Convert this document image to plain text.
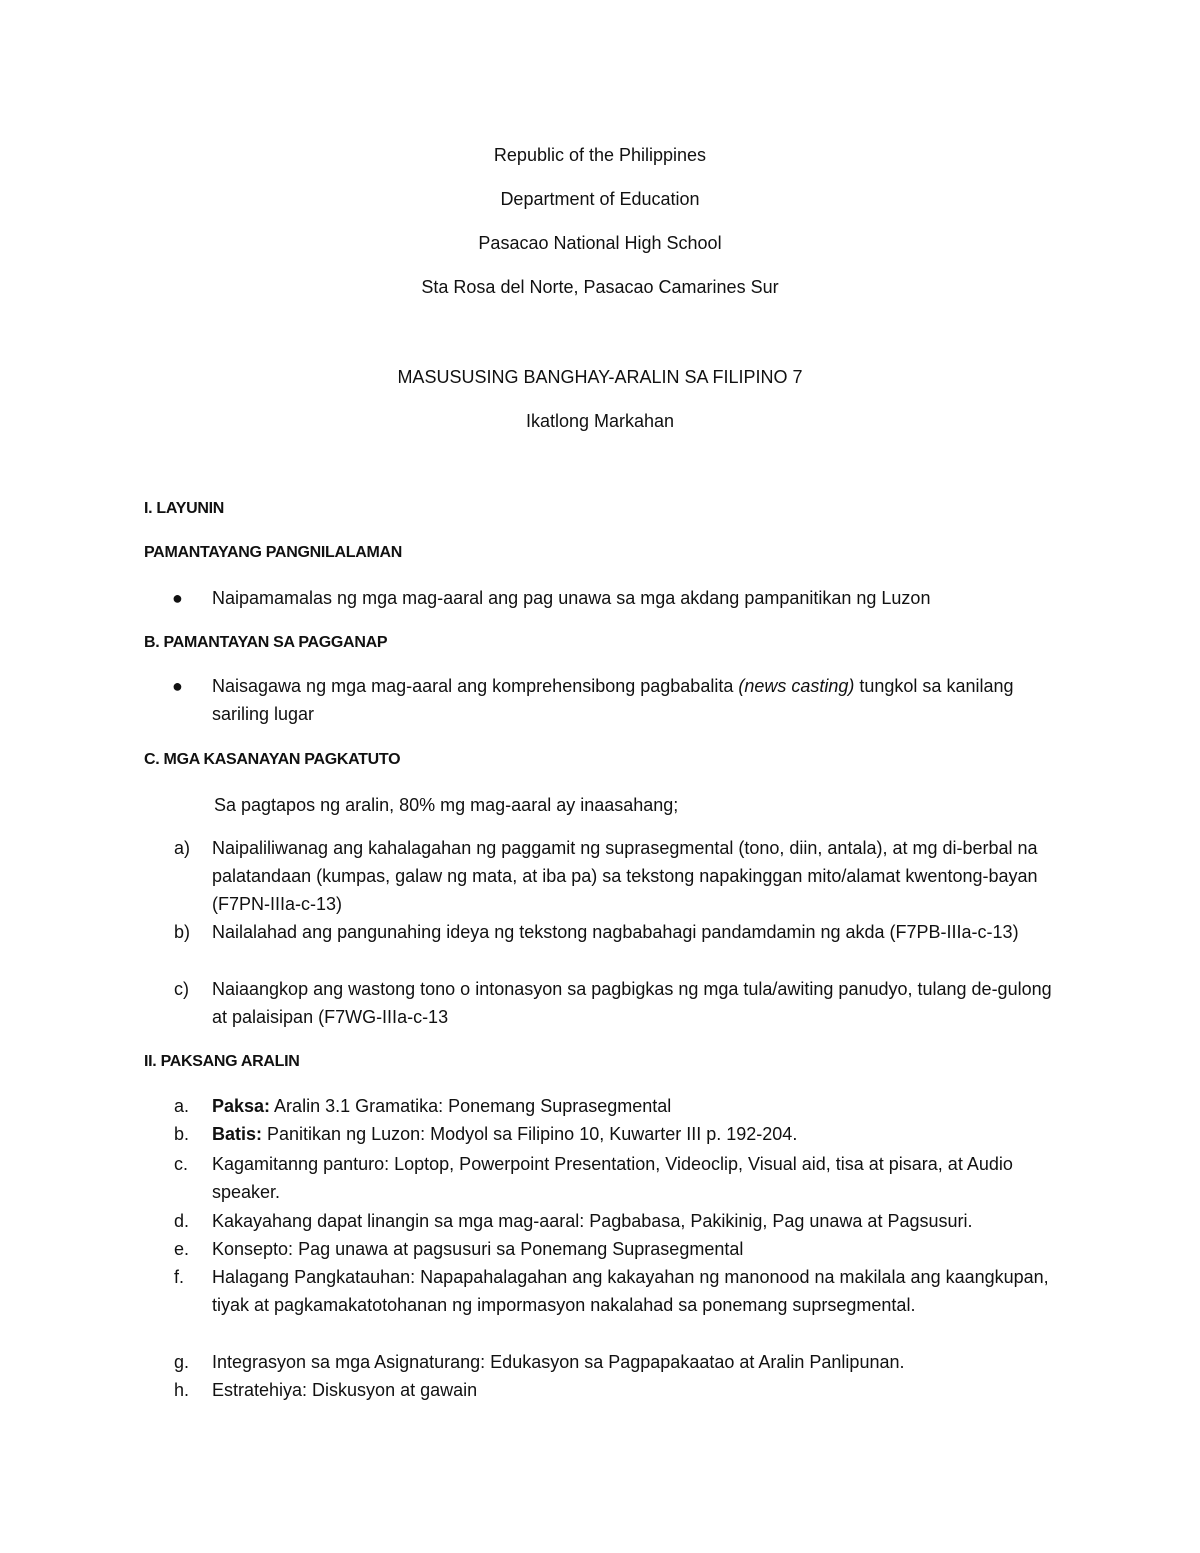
Republic of the Philippines
Department of Education
Pasacao National High School
Sta Rosa del Norte, Pasacao Camarines Sur
MASUSUSING BANGHAY-ARALIN SA FILIPINO 7
Ikatlong Markahan
I. LAYUNIN
PAMANTAYANG PANGNILALAMAN
●	Naipamamalas ng mga mag-aaral ang pag unawa sa mga akdang pampanitikan ng Luzon
B. PAMANTAYAN SA PAGGANAP
●	Naisagawa ng mga mag-aaral ang komprehensibong pagbabalita (news casting) tungkol sa kanilang sariling lugar
C. MGA KASANAYAN PAGKATUTO
Sa pagtapos ng aralin, 80% mg mag-aaral ay inaasahang;
a)	Naipaliliwanag ang kahalagahan ng paggamit ng suprasegmental (tono, diin, antala), at mg di-berbal na palatandaan (kumpas, galaw ng mata, at iba pa) sa tekstong napakinggan mito/alamat kwentong-bayan (F7PN-IIIa-c-13)
b)	Nailalahad ang pangunahing ideya ng tekstong nagbabahagi pandamdamin ng akda (F7PB-IIIa-c-13)
c)	Naiaangkop ang wastong tono o intonasyon sa pagbigkas ng mga tula/awiting panudyo, tulang de-gulong at palaisipan (F7WG-IIIa-c-13
II. PAKSANG ARALIN
a.	Paksa: Aralin 3.1 Gramatika: Ponemang Suprasegmental
b.	Batis: Panitikan ng Luzon: Modyol sa Filipino 10, Kuwarter III p. 192-204.
c.	Kagamitanng panturo: Loptop, Powerpoint Presentation, Videoclip, Visual aid, tisa at pisara, at Audio speaker.
d.	Kakayahang dapat linangin sa mga mag-aaral: Pagbabasa, Pakikinig, Pag unawa at Pagsusuri.
e.	Konsepto: Pag unawa at pagsusuri sa Ponemang Suprasegmental
f.	Halagang Pangkatauhan: Napapahalagahan ang kakayahan ng manonood na makilala ang kaangkupan, tiyak at pagkamakatotohanan ng impormasyon nakalahad sa ponemang suprsegmental.
g.	Integrasyon sa mga Asignaturang: Edukasyon sa Pagpapakaatao at Aralin Panlipunan.
h.	Estratehiya: Diskusyon at gawain
